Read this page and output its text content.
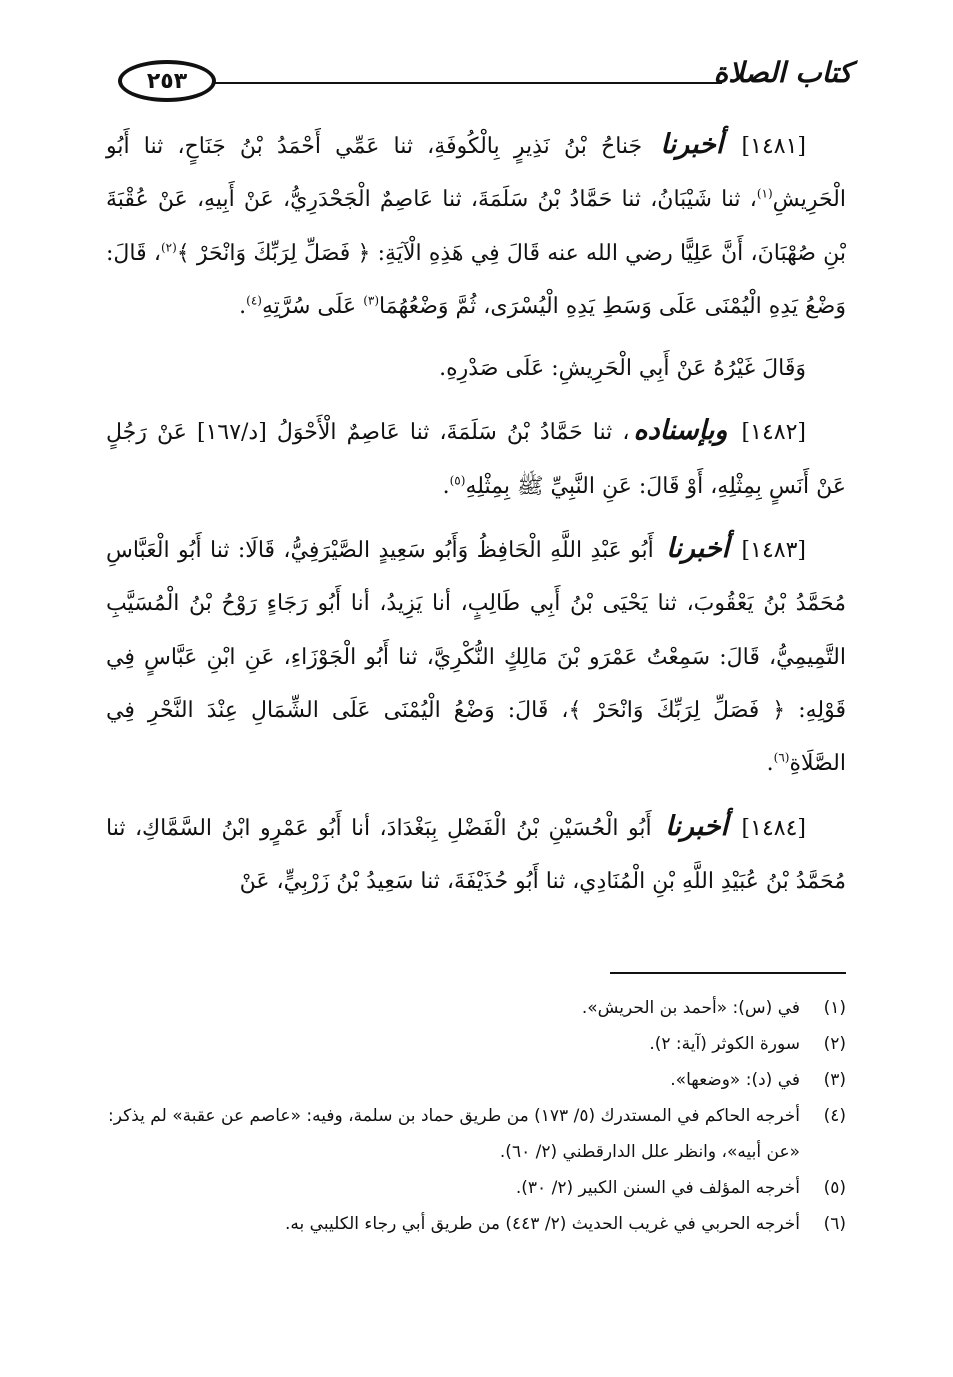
٢٥٣	كتاب الصلاة

[١٤٨١] أخبرنا جَناحُ بْنُ نَذِيرٍ بِالْكُوفَةِ، ثنا عَمِّي أَحْمَدُ بْنُ جَنَاحٍ، ثنا أَبُو الْحَرِيشِ$^{(١)}$، ثنا شَيْبَانُ، ثنا حَمَّادُ بْنُ سَلَمَةَ، ثنا عَاصِمٌ الْجَحْدَرِيُّ، عَنْ أَبِيهِ، عَنْ عُقْبَةَ بْنِ صُهْبَانَ، أَنَّ عَلِيًّا رضي الله عنه قَالَ فِي هَذِهِ الْآيَةِ: ﴿ فَصَلِّ لِرَبِّكَ وَانْحَرْ ﴾$^{(٢)}$، قَالَ: وَضْعُ يَدِهِ الْيُمْنَى عَلَى وَسَطِ يَدِهِ الْيُسْرَى، ثُمَّ وَضْعُهُمَا$^{(٣)}$ عَلَى سُرَّتِهِ$^{(٤)}$.

وَقَالَ غَيْرُهُ عَنْ أَبِي الْحَرِيشِ: عَلَى صَدْرِهِ.

[١٤٨٢] وبإسناده، ثنا حَمَّادُ بْنُ سَلَمَةَ، ثنا عَاصِمٌ الْأَحْوَلُ [د/١٦٧] عَنْ رَجُلٍ عَنْ أَنَسٍ بِمِثْلِهِ، أَوْ قَالَ: عَنِ النَّبِيِّ ﷺ بِمِثْلِهِ$^{(٥)}$.

[١٤٨٣] أخبرنا أَبُو عَبْدِ اللَّهِ الْحَافِظُ وَأَبُو سَعِيدٍ الصَّيْرَفِيُّ، قَالَا: ثنا أَبُو الْعَبَّاسِ مُحَمَّدُ بْنُ يَعْقُوبَ، ثنا يَحْيَى بْنُ أَبِي طَالِبٍ، أنا يَزِيدُ، أنا أَبُو رَجَاءٍ رَوْحُ بْنُ الْمُسَيَّبِ التَّمِيمِيُّ، قَالَ: سَمِعْتُ عَمْرَو بْنَ مَالِكٍ النُّكْرِيَّ، ثنا أَبُو الْجَوْزَاءِ، عَنِ ابْنِ عَبَّاسٍ فِي قَوْلِهِ: ﴿ فَصَلِّ لِرَبِّكَ وَانْحَرْ ﴾، قَالَ: وَضْعُ الْيُمْنَى عَلَى الشِّمَالِ عِنْدَ النَّحْرِ فِي الصَّلَاةِ$^{(٦)}$.

[١٤٨٤] أخبرنا أَبُو الْحُسَيْنِ بْنُ الْفَضْلِ بِبَغْدَادَ، أنا أَبُو عَمْرٍو ابْنُ السَّمَّاكِ، ثنا مُحَمَّدُ بْنُ عُبَيْدِ اللَّهِ بْنِ الْمُنَادِي، ثنا أَبُو حُذَيْفَةَ، ثنا سَعِيدُ بْنُ زَرْبِيٍّ، عَنْ

(١)
في (س): «أحمد بن الحريش».
(٢)
سورة الكوثر (آية: ٢).
(٣)
في (د): «وضعها».
(٤)
أخرجه الحاكم في المستدرك (٥/ ١٧٣) من طريق حماد بن سلمة، وفيه: «عاصم عن عقبة» لم يذكر: «عن أبيه»، وانظر علل الدارقطني (٢/ ٦٠).
(٥)
أخرجه المؤلف في السنن الكبير (٢/ ٣٠).
(٦)
أخرجه الحربي في غريب الحديث (٢/ ٤٤٣) من طريق أبي رجاء الكليبي به.
